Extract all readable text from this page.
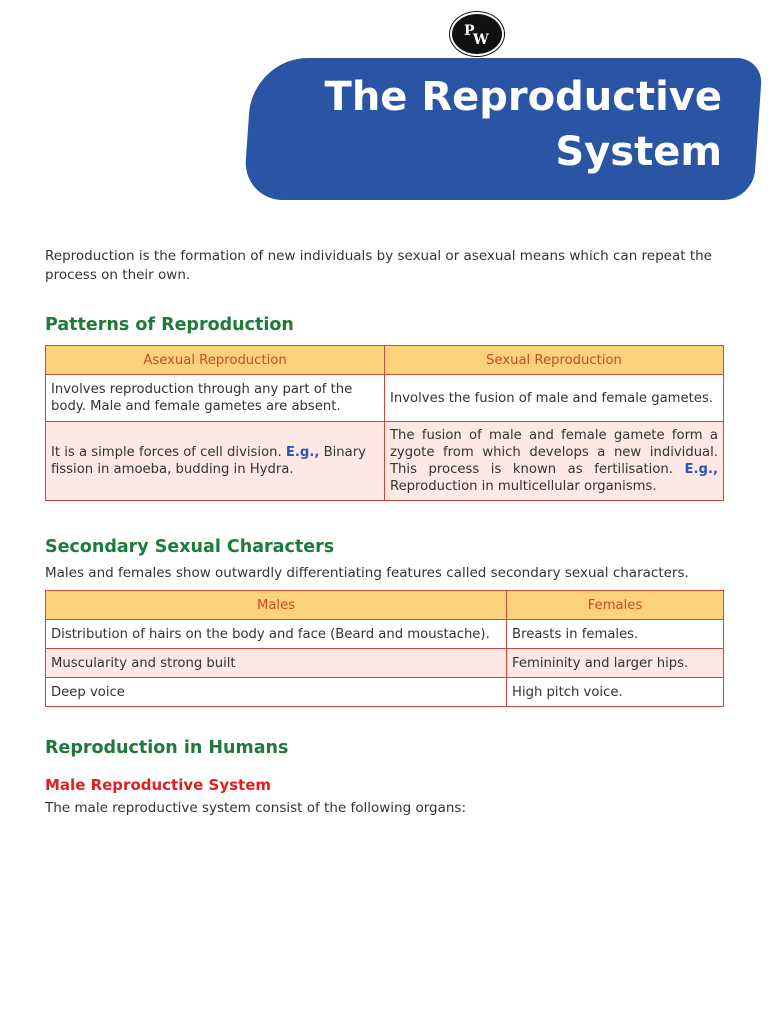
P
W
The Reproductive
System
Reproduction is the formation of new individuals by sexual or asexual means which can repeat the process on their own.
Patterns of Reproduction
Asexual Reproduction	Sexual Reproduction
Involves reproduction through any part of the body. Male and female gametes are absent.	Involves the fusion of male and female gametes.
It is a simple forces of cell division. E.g., Binary fission in amoeba, budding in Hydra.	The fusion of male and female gamete form a zygote from which develops a new individual. This process is known as fertilisation. E.g., Reproduction in multicellular organisms.
Secondary Sexual Characters
Males and females show outwardly differentiating features called secondary sexual characters.
Males	Females
Distribution of hairs on the body and face (Beard and moustache).	Breasts in females.
Muscularity and strong built	Femininity and larger hips.
Deep voice	High pitch voice.
Reproduction in Humans
Male Reproductive System
The male reproductive system consist of the following organs:
